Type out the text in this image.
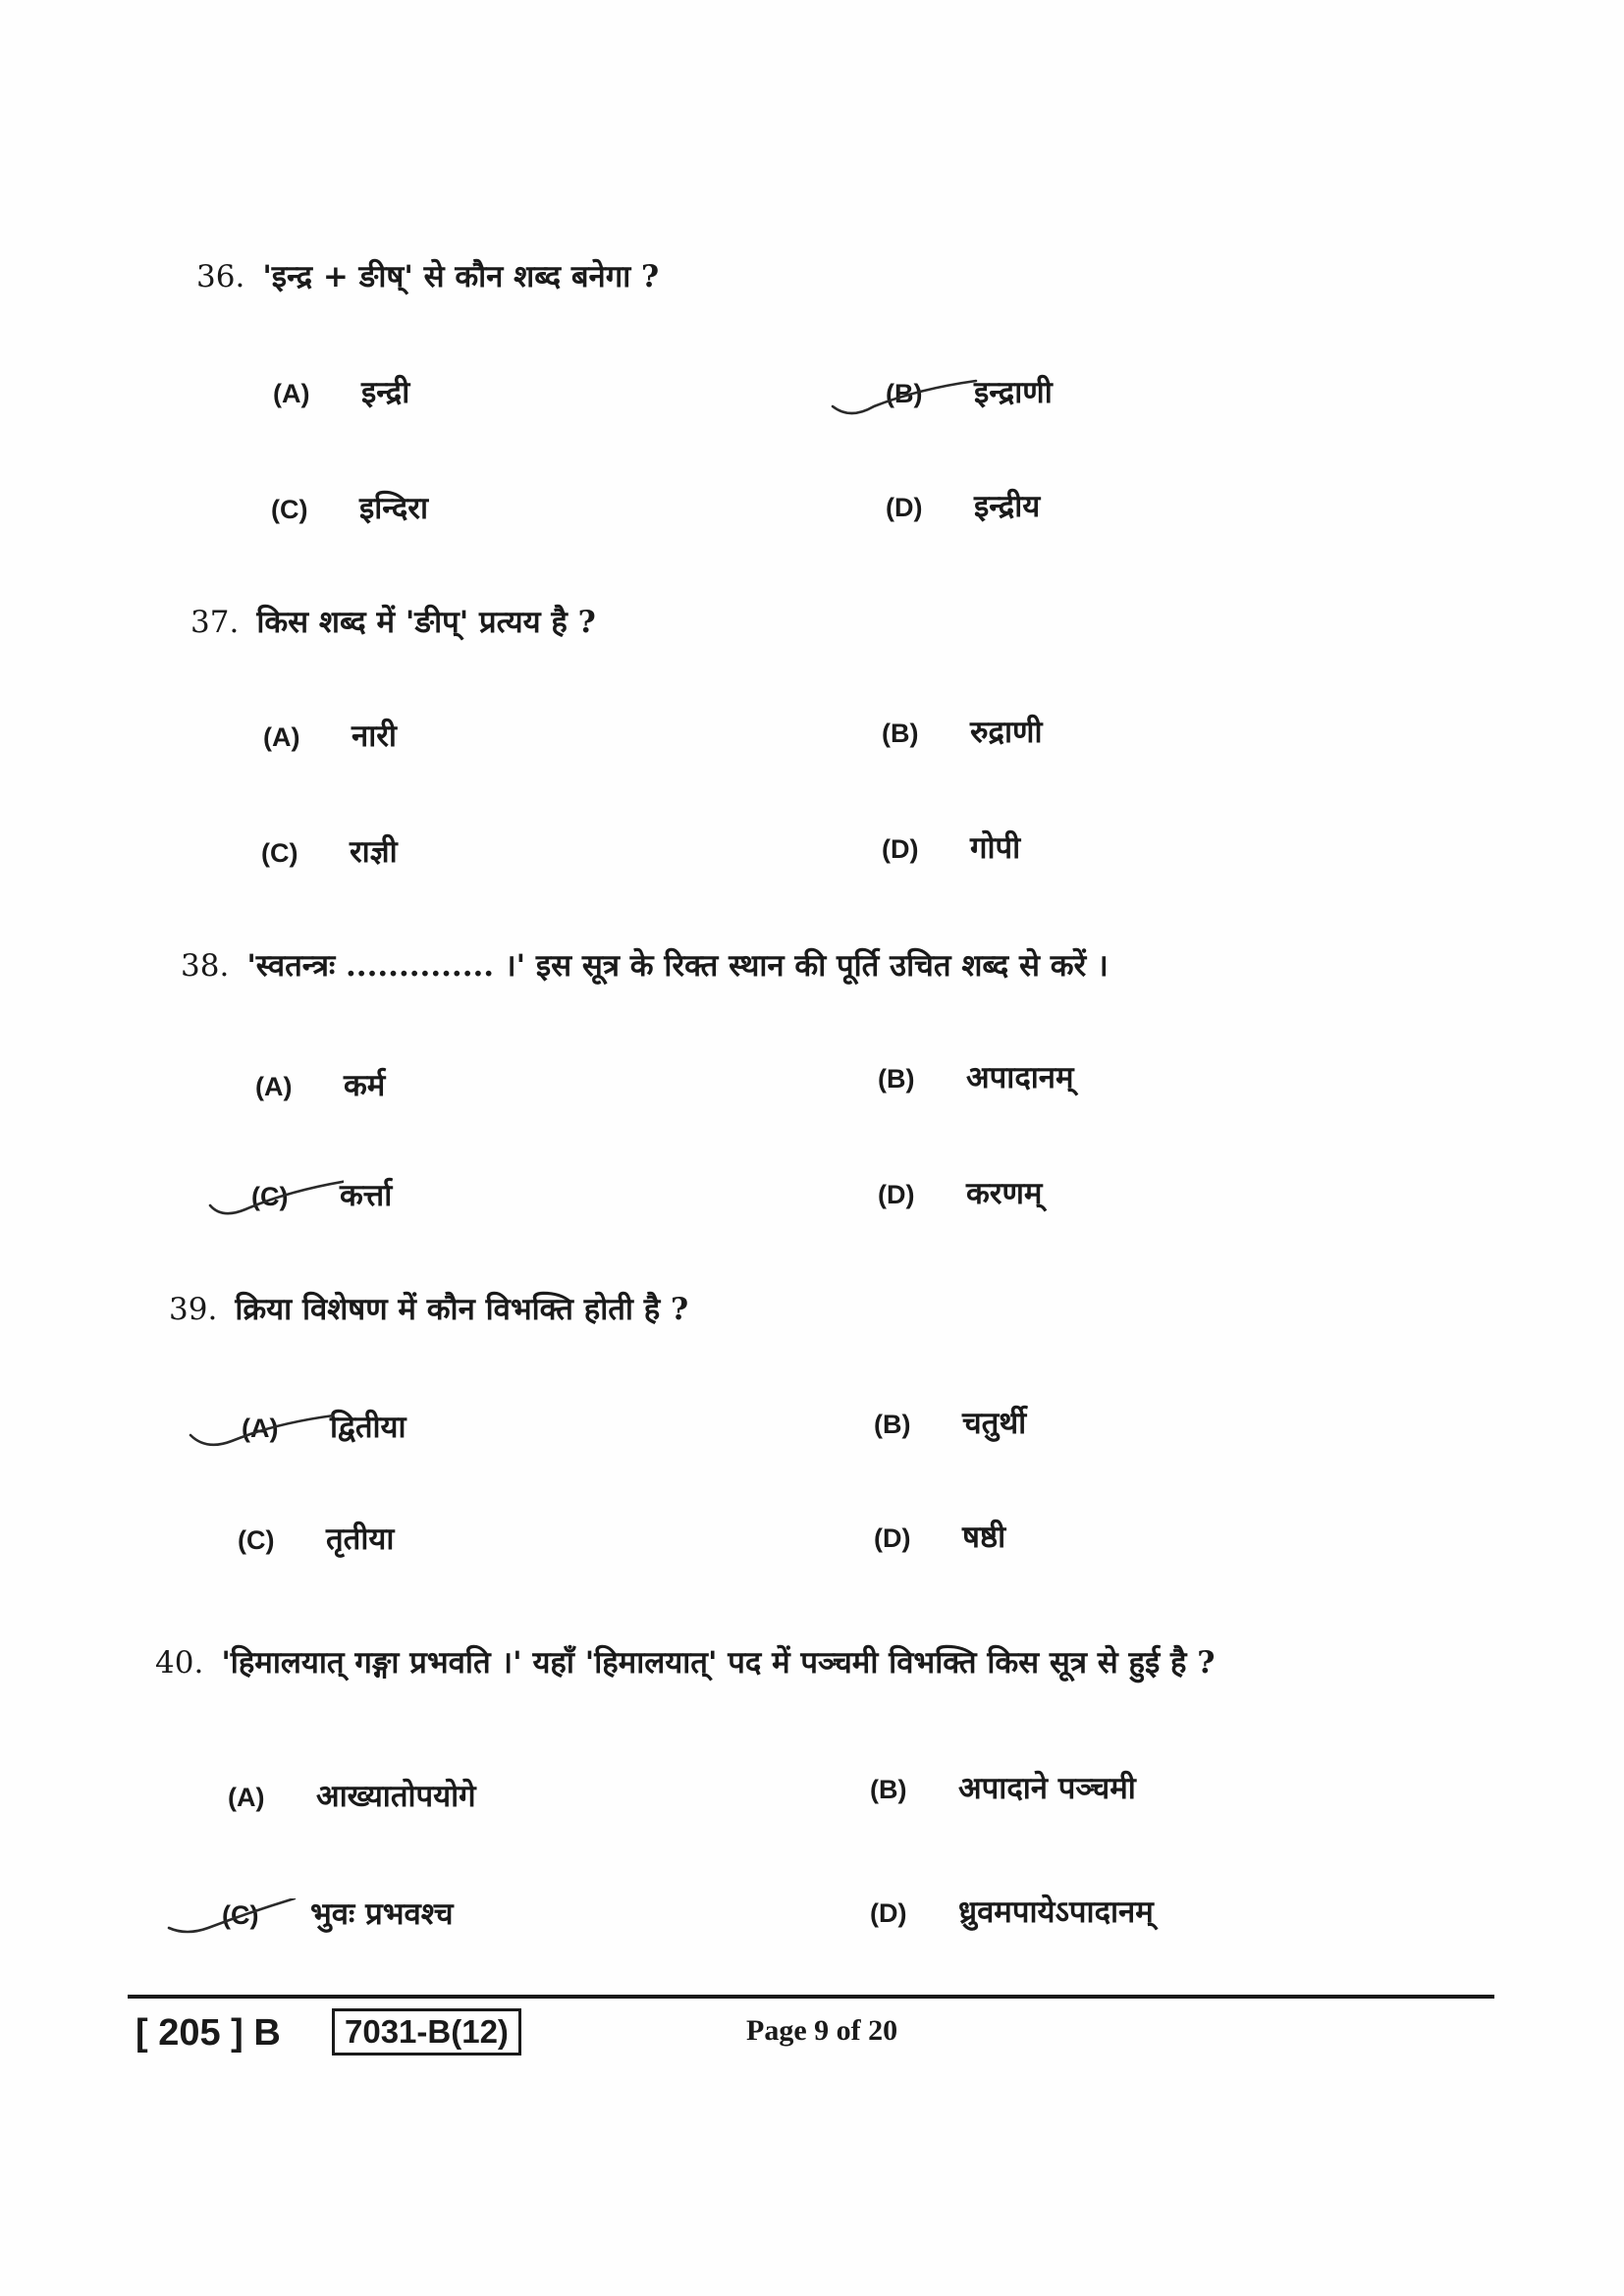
36. 'इन्द्र + ङीष्' से कौन शब्द बनेगा ?
(A) इन्द्री	(B) इन्द्राणी
(C) इन्दिरा	(D) इन्द्रीय
37. किस शब्द में 'ङीप्' प्रत्यय है ?
(A) नारी	(B) रुद्राणी
(C) राज्ञी	(D) गोपी
38. 'स्वतन्त्रः .............. ।' इस सूत्र के रिक्त स्थान की पूर्ति उचित शब्द से करें ।
(A) कर्म	(B) अपादानम्
(C) कर्त्ता	(D) करणम्
39. क्रिया विशेषण में कौन विभक्ति होती है ?
(A) द्वितीया	(B) चतुर्थी
(C) तृतीया	(D) षष्ठी
40. 'हिमालयात् गङ्गा प्रभवति ।' यहाँ 'हिमालयात्' पद में पञ्चमी विभक्ति किस सूत्र से हुई है ?
(A) आख्यातोपयोगे	(B) अपादाने पञ्चमी
(C) भुवः प्रभवश्च	(D) ध्रुवमपायेऽपादानम्
[ 205 ] B	7031-B(12)	Page 9 of 20
